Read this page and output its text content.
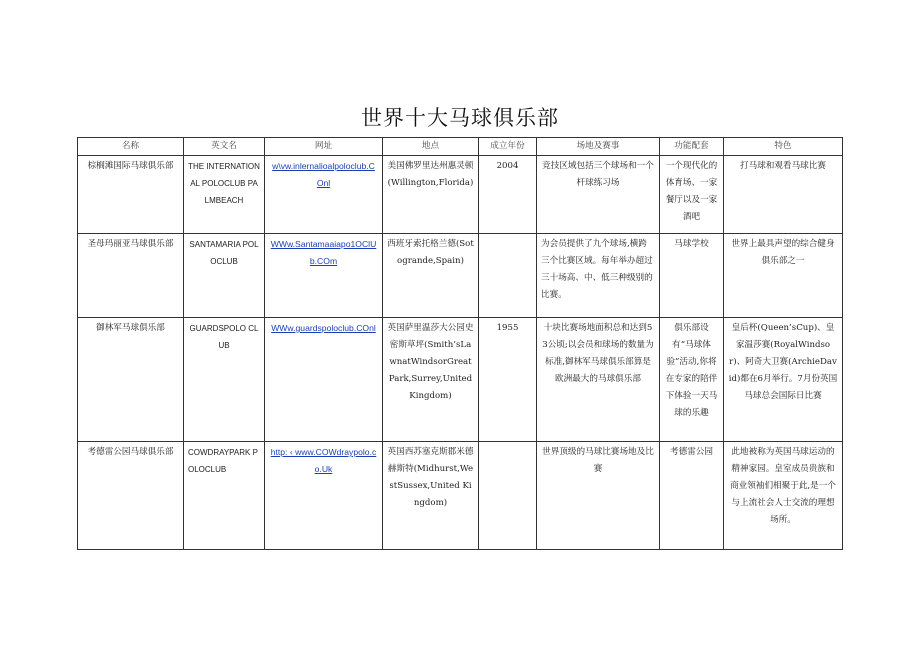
世界十大马球俱乐部
名称	英文名	网址	地点	成立年份	场地及赛事	功能配套	特色
棕榈滩国际马球俱乐部	THE INTERNATIONAL POLOCLUB PALMBEACH	w\vw.inlernalioalpoloclub.COnl	美国佛罗里达州惠灵顿(Willington,Florida)	2004	竞技区域包括三个球场和一个杆球练习场	一个现代化的体育场、一家餐厅以及一家酒吧	打马球和观看马球比赛
圣母玛丽亚马球俱乐部	SANTAMARIA POLOCLUB	WWw.Santamaaiapo1OClUb.COm	西班牙索托格兰德(Sotogrande,Spain)		为会员提供了九个球场,横跨三个比赛区域。每年举办超过三十场高、中、低三种级别的比赛。	马球学校	世界上最具声望的综合健身俱乐部之一
御林军马球俱乐部	GUARDSPOLO CLUB	WWw.guardspoloclub.COnl	英国萨里温莎大公园史密斯草坪(Smith’sLawnatWindsorGreatPark,Surrey,UnitedKingdom)	1955	十块比赛场地面积总和达到53公顷;以会员和球场的数量为标准,御林军马球俱乐部算是欧洲最大的马球俱乐部	俱乐部设有“马球体验”活动,你将在专家的陪伴下体验一天马球的乐趣	皇后杯(Queen’sCup)、皇家温莎赛(RoyalWindsor)、阿奇大卫赛(ArchieDavid)都在6月举行。7月份英国马球总会国际日比赛
考德雷公园马球俱乐部	COWDRAYPARK POLOCLUB	http: ‹ www.COWdraypolo.co.Uk	英国西苏塞克斯郡米德赫斯特(Midhurst,WestSussex,United Kingdom)		世界顶级的马球比赛场地及比赛	考德雷公园	此地被称为英国马球运动的精神家园。皇室成员贵族和商业领袖们相聚于此,是一个与上流社会人士交流的理想场所。
